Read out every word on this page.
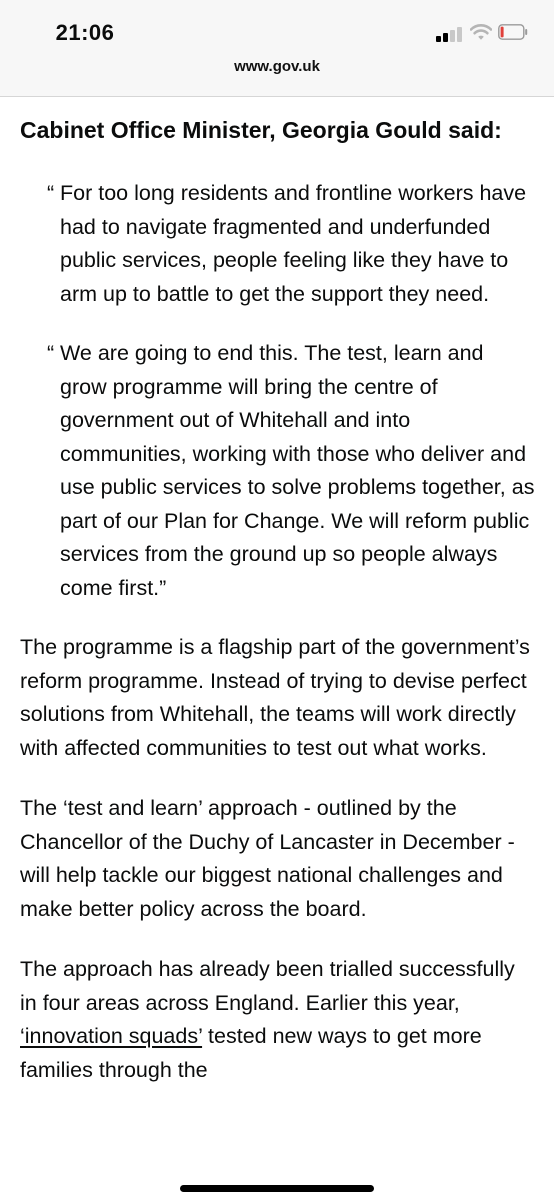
21:06
www.gov.uk

Cabinet Office Minister, Georgia Gould said:

“ For too long residents and frontline workers have had to navigate fragmented and underfunded public services, people feeling like they have to arm up to battle to get the support they need.
“ We are going to end this. The test, learn and grow programme will bring the centre of government out of Whitehall and into communities, working with those who deliver and use public services to solve problems together, as part of our Plan for Change. We will reform public services from the ground up so people always come first.”

The programme is a flagship part of the government’s reform programme. Instead of trying to devise perfect solutions from Whitehall, the teams will work directly with affected communities to test out what works.

The ‘test and learn’ approach - outlined by the Chancellor of the Duchy of Lancaster in December - will help tackle our biggest national challenges and make better policy across the board.

The approach has already been trialled successfully in four areas across England. Earlier this year, ‘innovation squads’ tested new ways to get more families through the
